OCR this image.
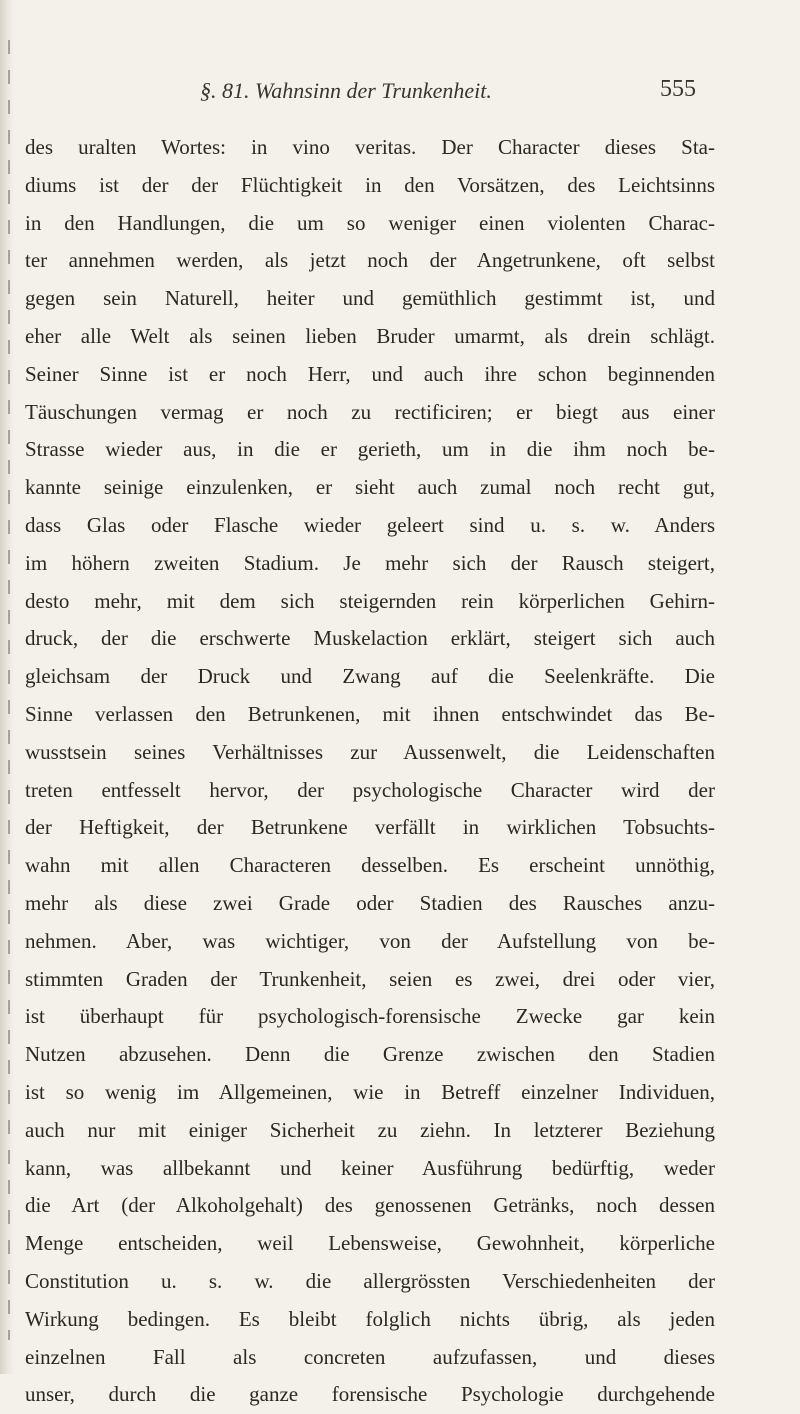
§. 81. Wahnsinn der Trunkenheit.	555
des uralten Wortes: in vino veritas. Der Character dieses Sta-
diums ist der der Flüchtigkeit in den Vorsätzen, des Leichtsinns
in den Handlungen, die um so weniger einen violenten Charac-
ter annehmen werden, als jetzt noch der Angetrunkene, oft selbst
gegen sein Naturell, heiter und gemüthlich gestimmt ist, und
eher alle Welt als seinen lieben Bruder umarmt, als drein schlägt.
Seiner Sinne ist er noch Herr, und auch ihre schon beginnenden
Täuschungen vermag er noch zu rectificiren; er biegt aus einer
Strasse wieder aus, in die er gerieth, um in die ihm noch be-
kannte seinige einzulenken, er sieht auch zumal noch recht gut,
dass Glas oder Flasche wieder geleert sind u. s. w. Anders
im höhern zweiten Stadium. Je mehr sich der Rausch steigert,
desto mehr, mit dem sich steigernden rein körperlichen Gehirn-
druck, der die erschwerte Muskelaction erklärt, steigert sich auch
gleichsam der Druck und Zwang auf die Seelenkräfte. Die
Sinne verlassen den Betrunkenen, mit ihnen entschwindet das Be-
wusstsein seines Verhältnisses zur Aussenwelt, die Leidenschaften
treten entfesselt hervor, der psychologische Character wird der
der Heftigkeit, der Betrunkene verfällt in wirklichen Tobsuchts-
wahn mit allen Characteren desselben. Es erscheint unnöthig,
mehr als diese zwei Grade oder Stadien des Rausches anzu-
nehmen. Aber, was wichtiger, von der Aufstellung von be-
stimmten Graden der Trunkenheit, seien es zwei, drei oder vier,
ist überhaupt für psychologisch-forensische Zwecke gar kein
Nutzen abzusehen. Denn die Grenze zwischen den Stadien
ist so wenig im Allgemeinen, wie in Betreff einzelner Individuen,
auch nur mit einiger Sicherheit zu ziehn. In letzterer Beziehung
kann, was allbekannt und keiner Ausführung bedürftig, weder
die Art (der Alkoholgehalt) des genossenen Getränks, noch dessen
Menge entscheiden, weil Lebensweise, Gewohnheit, körperliche
Constitution u. s. w. die allergrössten Verschiedenheiten der
Wirkung bedingen. Es bleibt folglich nichts übrig, als jeden
einzelnen Fall als concreten aufzufassen, und dieses
unser, durch die ganze forensische Psychologie durchgehende
